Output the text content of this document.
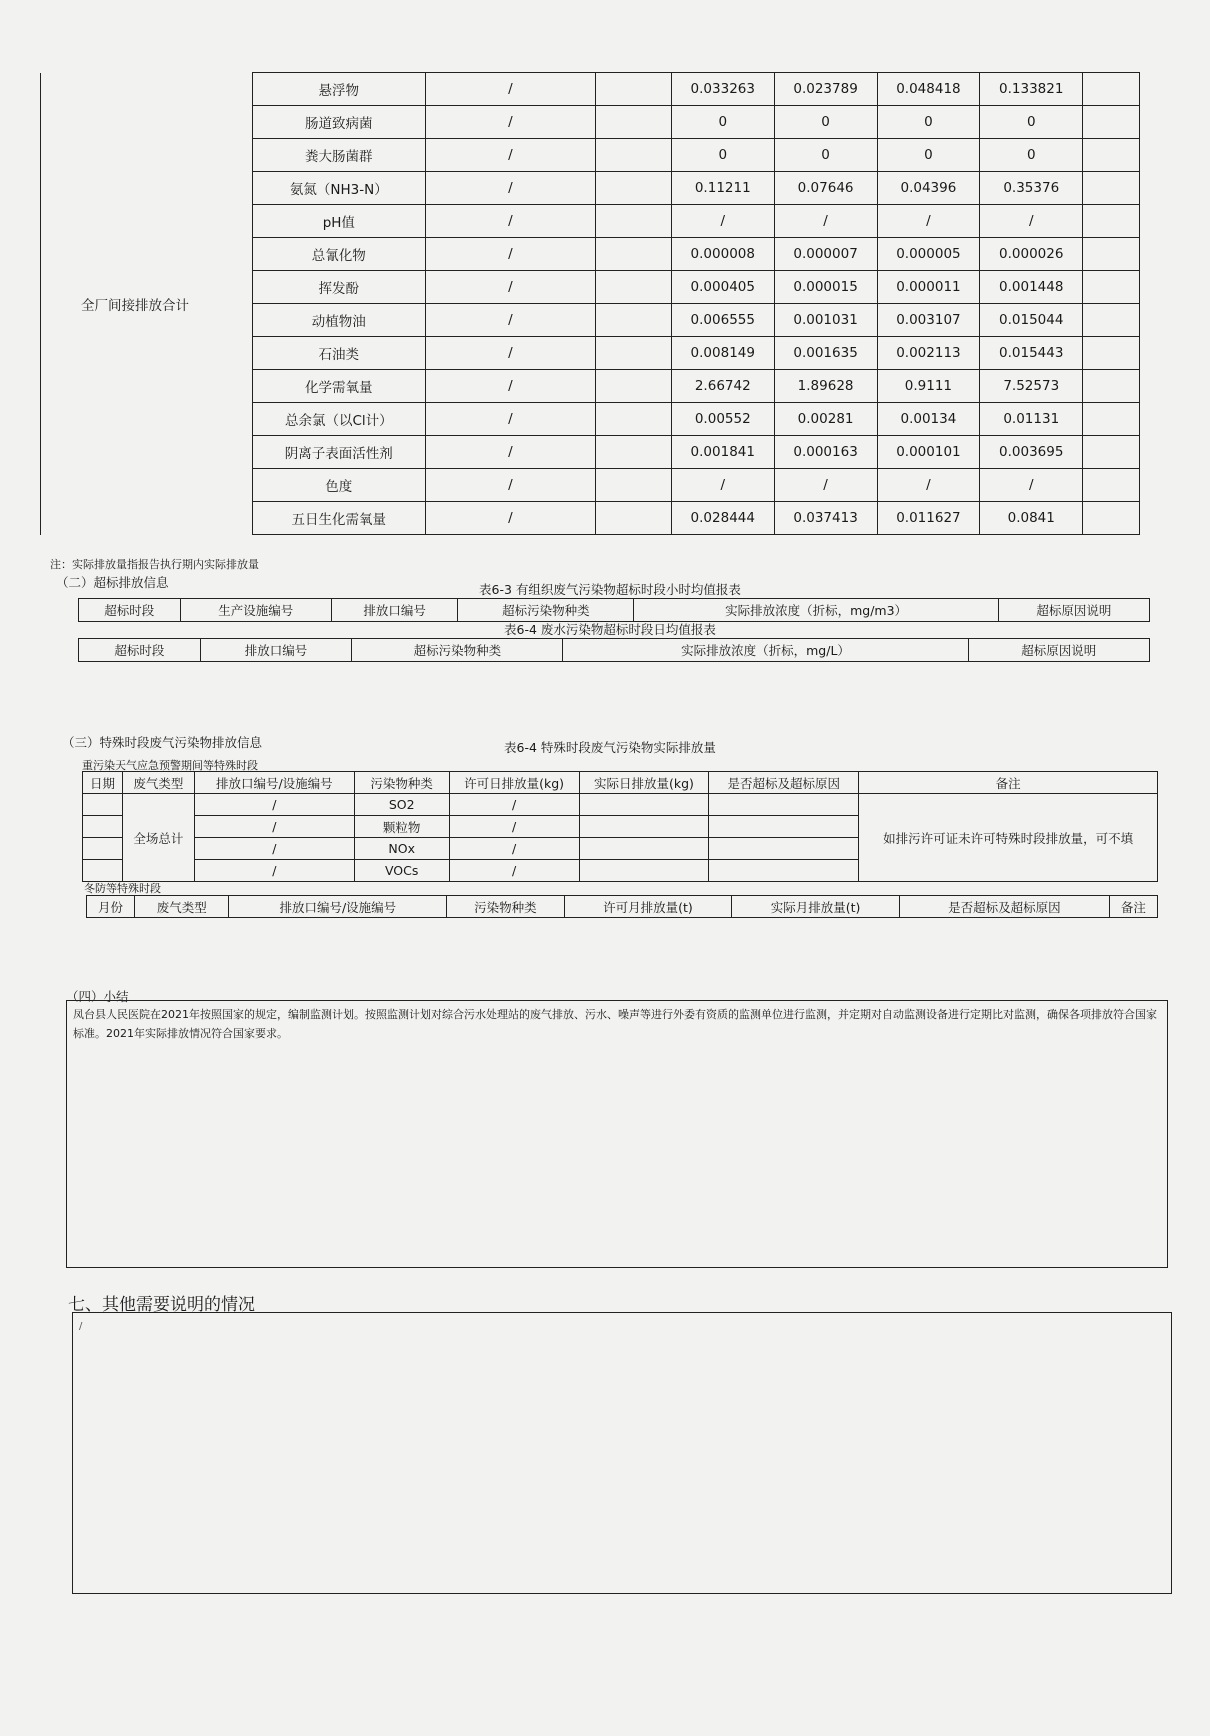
全厂间接排放合计	悬浮物	/		0.033263	0.023789	0.048418	0.133821	
	肠道致病菌	/		0	0	0	0	
	粪大肠菌群	/		0	0	0	0	
	氨氮（NH3-N）	/		0.11211	0.07646	0.04396	0.35376	
	pH值	/		/	/	/	/	
	总氰化物	/		0.000008	0.000007	0.000005	0.000026	
	挥发酚	/		0.000405	0.000015	0.000011	0.001448	
	动植物油	/		0.006555	0.001031	0.003107	0.015044	
	石油类	/		0.008149	0.001635	0.002113	0.015443	
	化学需氧量	/		2.66742	1.89628	0.9111	7.52573	
	总余氯（以Cl计）	/		0.00552	0.00281	0.00134	0.01131	
	阴离子表面活性剂	/		0.001841	0.000163	0.000101	0.003695	
	色度	/		/	/	/	/	
	五日生化需氧量	/		0.028444	0.037413	0.011627	0.0841	
注：实际排放量指报告执行期内实际排放量
（二）超标排放信息	表6-3 有组织废气污染物超标时段小时均值报表
超标时段	生产设施编号	排放口编号	超标污染物种类	实际排放浓度（折标，mg/m3）	超标原因说明
表6-4 废水污染物超标时段日均值报表
超标时段	排放口编号	超标污染物种类	实际排放浓度（折标，mg/L）	超标原因说明
（三）特殊时段废气污染物排放信息	表6-4 特殊时段废气污染物实际排放量
重污染天气应急预警期间等特殊时段
日期	废气类型	排放口编号/设施编号	污染物种类	许可日排放量(kg)	实际日排放量(kg)	是否超标及超标原因	备注
	全场总计	/	SO2	/			如排污许可证未许可特殊时段排放量，可不填
		/	颗粒物	/			
		/	NOx	/			
		/	VOCs	/			
冬防等特殊时段
月份	废气类型	排放口编号/设施编号	污染物种类	许可月排放量(t)	实际月排放量(t)	是否超标及超标原因	备注
（四）小结

凤台县人民医院在2021年按照国家的规定，编制监测计划。按照监测计划对综合污水处理站的废气排放、污水、噪声等进行外委有资质的监测单位进行监测，并定期对自动监测设备进行定期比对监测，确保各项排放符合国家标准。2021年实际排放情况符合国家要求。

七、其他需要说明的情况

/
